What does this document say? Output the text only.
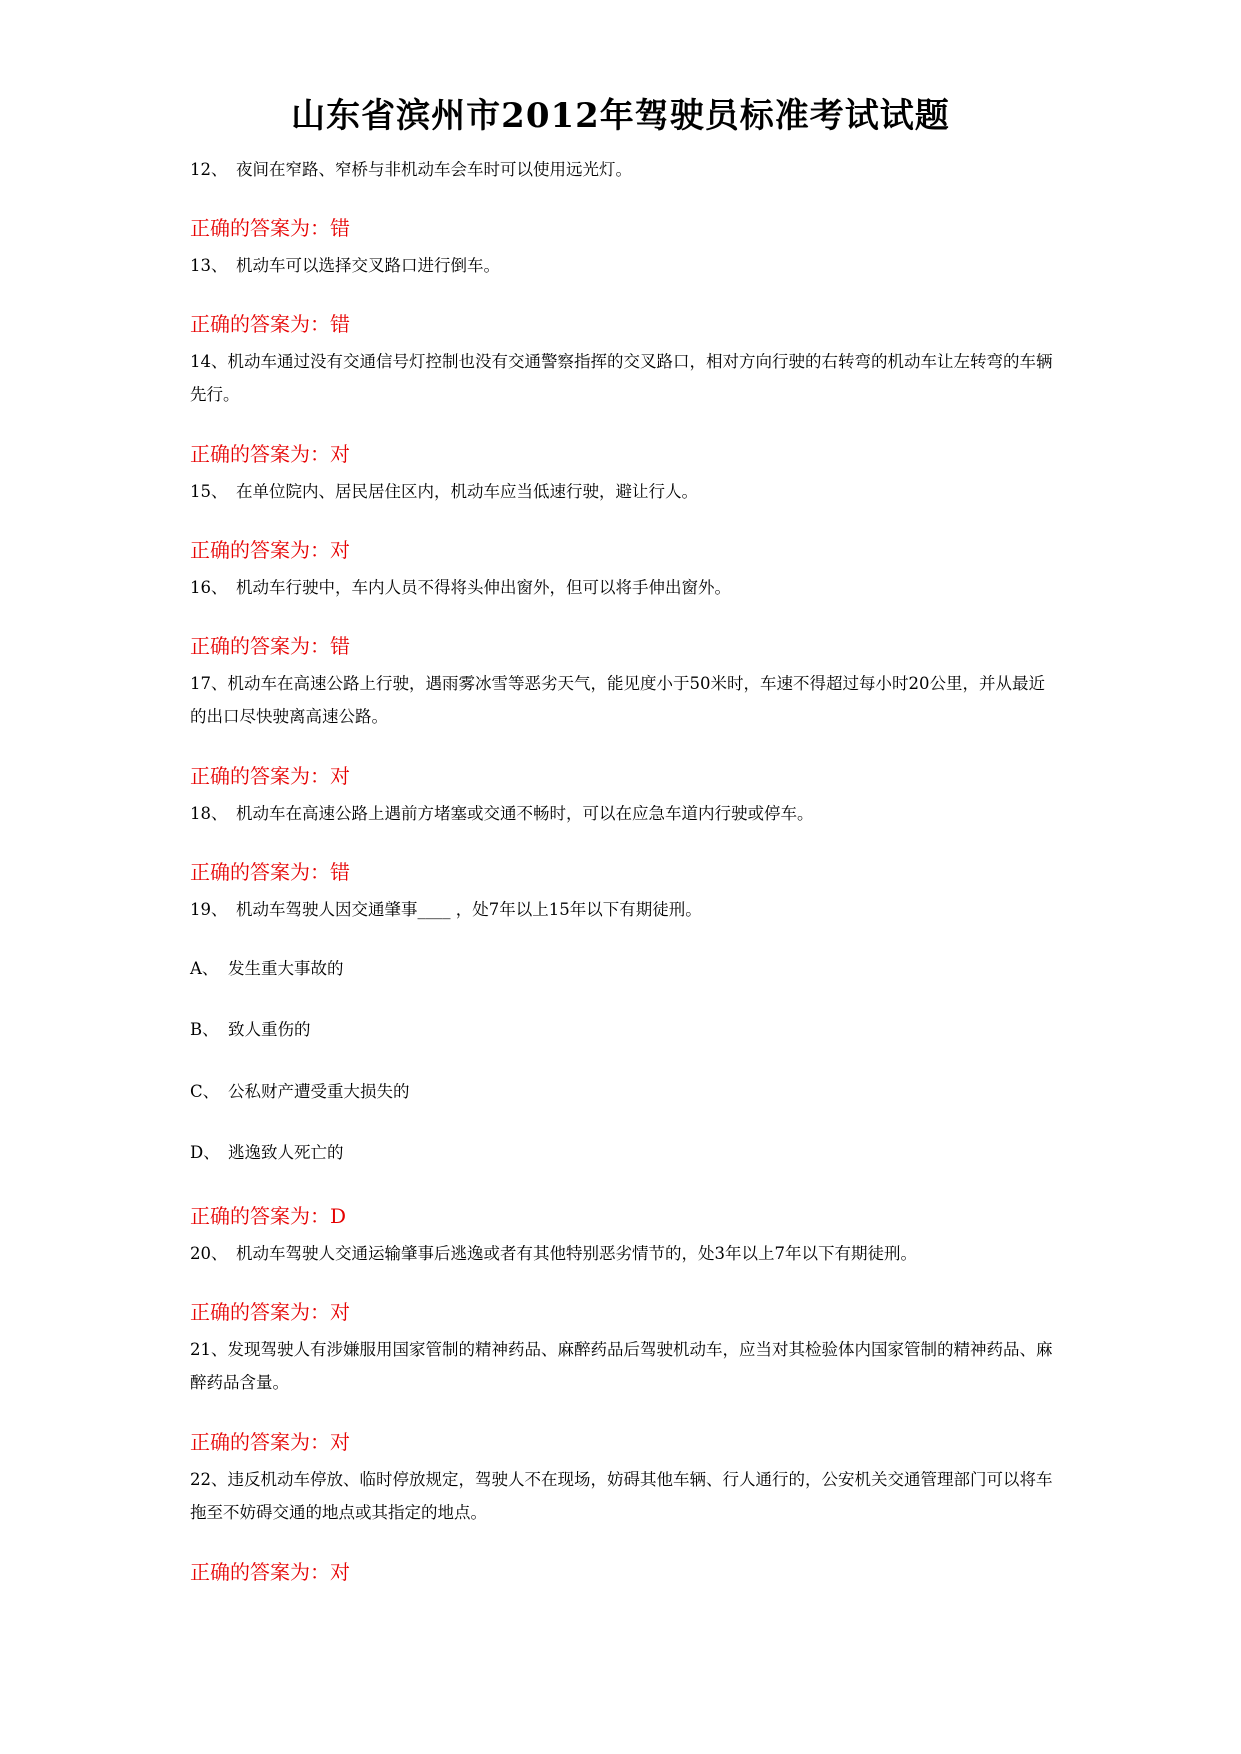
山东省滨州市2012年驾驶员标准考试试题

12、 夜间在窄路、窄桥与非机动车会车时可以使用远光灯。

正确的答案为：错

13、 机动车可以选择交叉路口进行倒车。

正确的答案为：错

14、机动车通过没有交通信号灯控制也没有交通警察指挥的交叉路口，相对方向行驶的右转弯的机动车让左转弯的车辆先行。

正确的答案为：对

15、 在单位院内、居民居住区内，机动车应当低速行驶，避让行人。

正确的答案为：对

16、 机动车行驶中，车内人员不得将头伸出窗外，但可以将手伸出窗外。

正确的答案为：错

17、机动车在高速公路上行驶，遇雨雾冰雪等恶劣天气，能见度小于50米时，车速不得超过每小时20公里，并从最近的出口尽快驶离高速公路。

正确的答案为：对

18、 机动车在高速公路上遇前方堵塞或交通不畅时，可以在应急车道内行驶或停车。

正确的答案为：错

19、 机动车驾驶人因交通肇事____ ，处7年以上15年以下有期徒刑。

A、 发生重大事故的

B、 致人重伤的

C、 公私财产遭受重大损失的

D、 逃逸致人死亡的

正确的答案为：D

20、 机动车驾驶人交通运输肇事后逃逸或者有其他特别恶劣情节的，处3年以上7年以下有期徒刑。

正确的答案为：对

21、发现驾驶人有涉嫌服用国家管制的精神药品、麻醉药品后驾驶机动车，应当对其检验体内国家管制的精神药品、麻醉药品含量。

正确的答案为：对

22、违反机动车停放、临时停放规定，驾驶人不在现场，妨碍其他车辆、行人通行的，公安机关交通管理部门可以将车拖至不妨碍交通的地点或其指定的地点。

正确的答案为：对
